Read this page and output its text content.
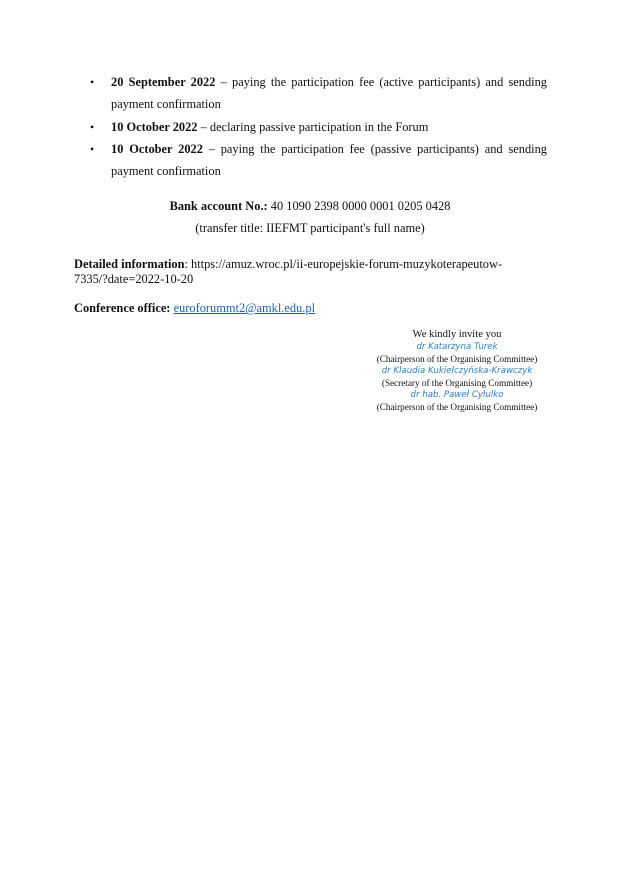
• 20 September 2022 – paying the participation fee (active participants) and sending payment confirmation
• 10 October 2022 – declaring passive participation in the Forum
• 10 October 2022 – paying the participation fee (passive participants) and sending payment confirmation
Bank account No.: 40 1090 2398 0000 0001 0205 0428
(transfer title: IIEFMT participant's full name)
Detailed information: https://amuz.wroc.pl/ii-europejskie-forum-muzykoterapeutow-7335/?date=2022-10-20
Conference office: euroforummt2@amkl.edu.pl
We kindly invite you
dr Katarzyna Turek
(Chairperson of the Organising Committee)
dr Klaudia Kukiełczyńska-Krawczyk
(Secretary of the Organising Committee)
dr hab. Paweł Cyłulko
(Chairperson of the Organising Committee)
